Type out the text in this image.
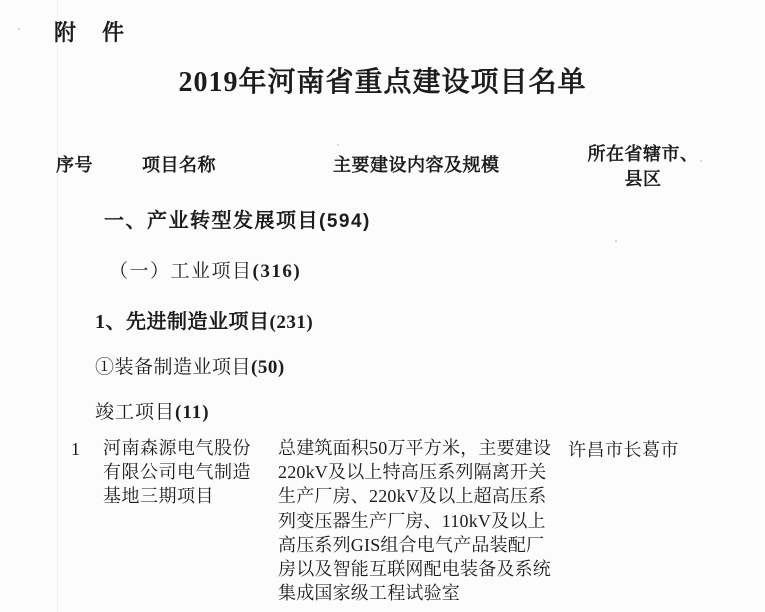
附　件
2019年河南省重点建设项目名单
序号	项目名称	主要建设内容及规模
所在省辖市、
县区
一、产业转型发展项目(594)
（一）工业项目(316)
1、先进制造业项目(231)
①装备制造业项目(50)
竣工项目(11)
1 河南森源电气股份
有限公司电气制造
基地三期项目
总建筑面积50万平方米，主要建设
220kV及以上特高压系列隔离开关
生产厂房、220kV及以上超高压系
列变压器生产厂房、110kV及以上
高压系列GIS组合电气产品装配厂
房以及智能互联网配电装备及系统
集成国家级工程试验室
许昌市长葛市
